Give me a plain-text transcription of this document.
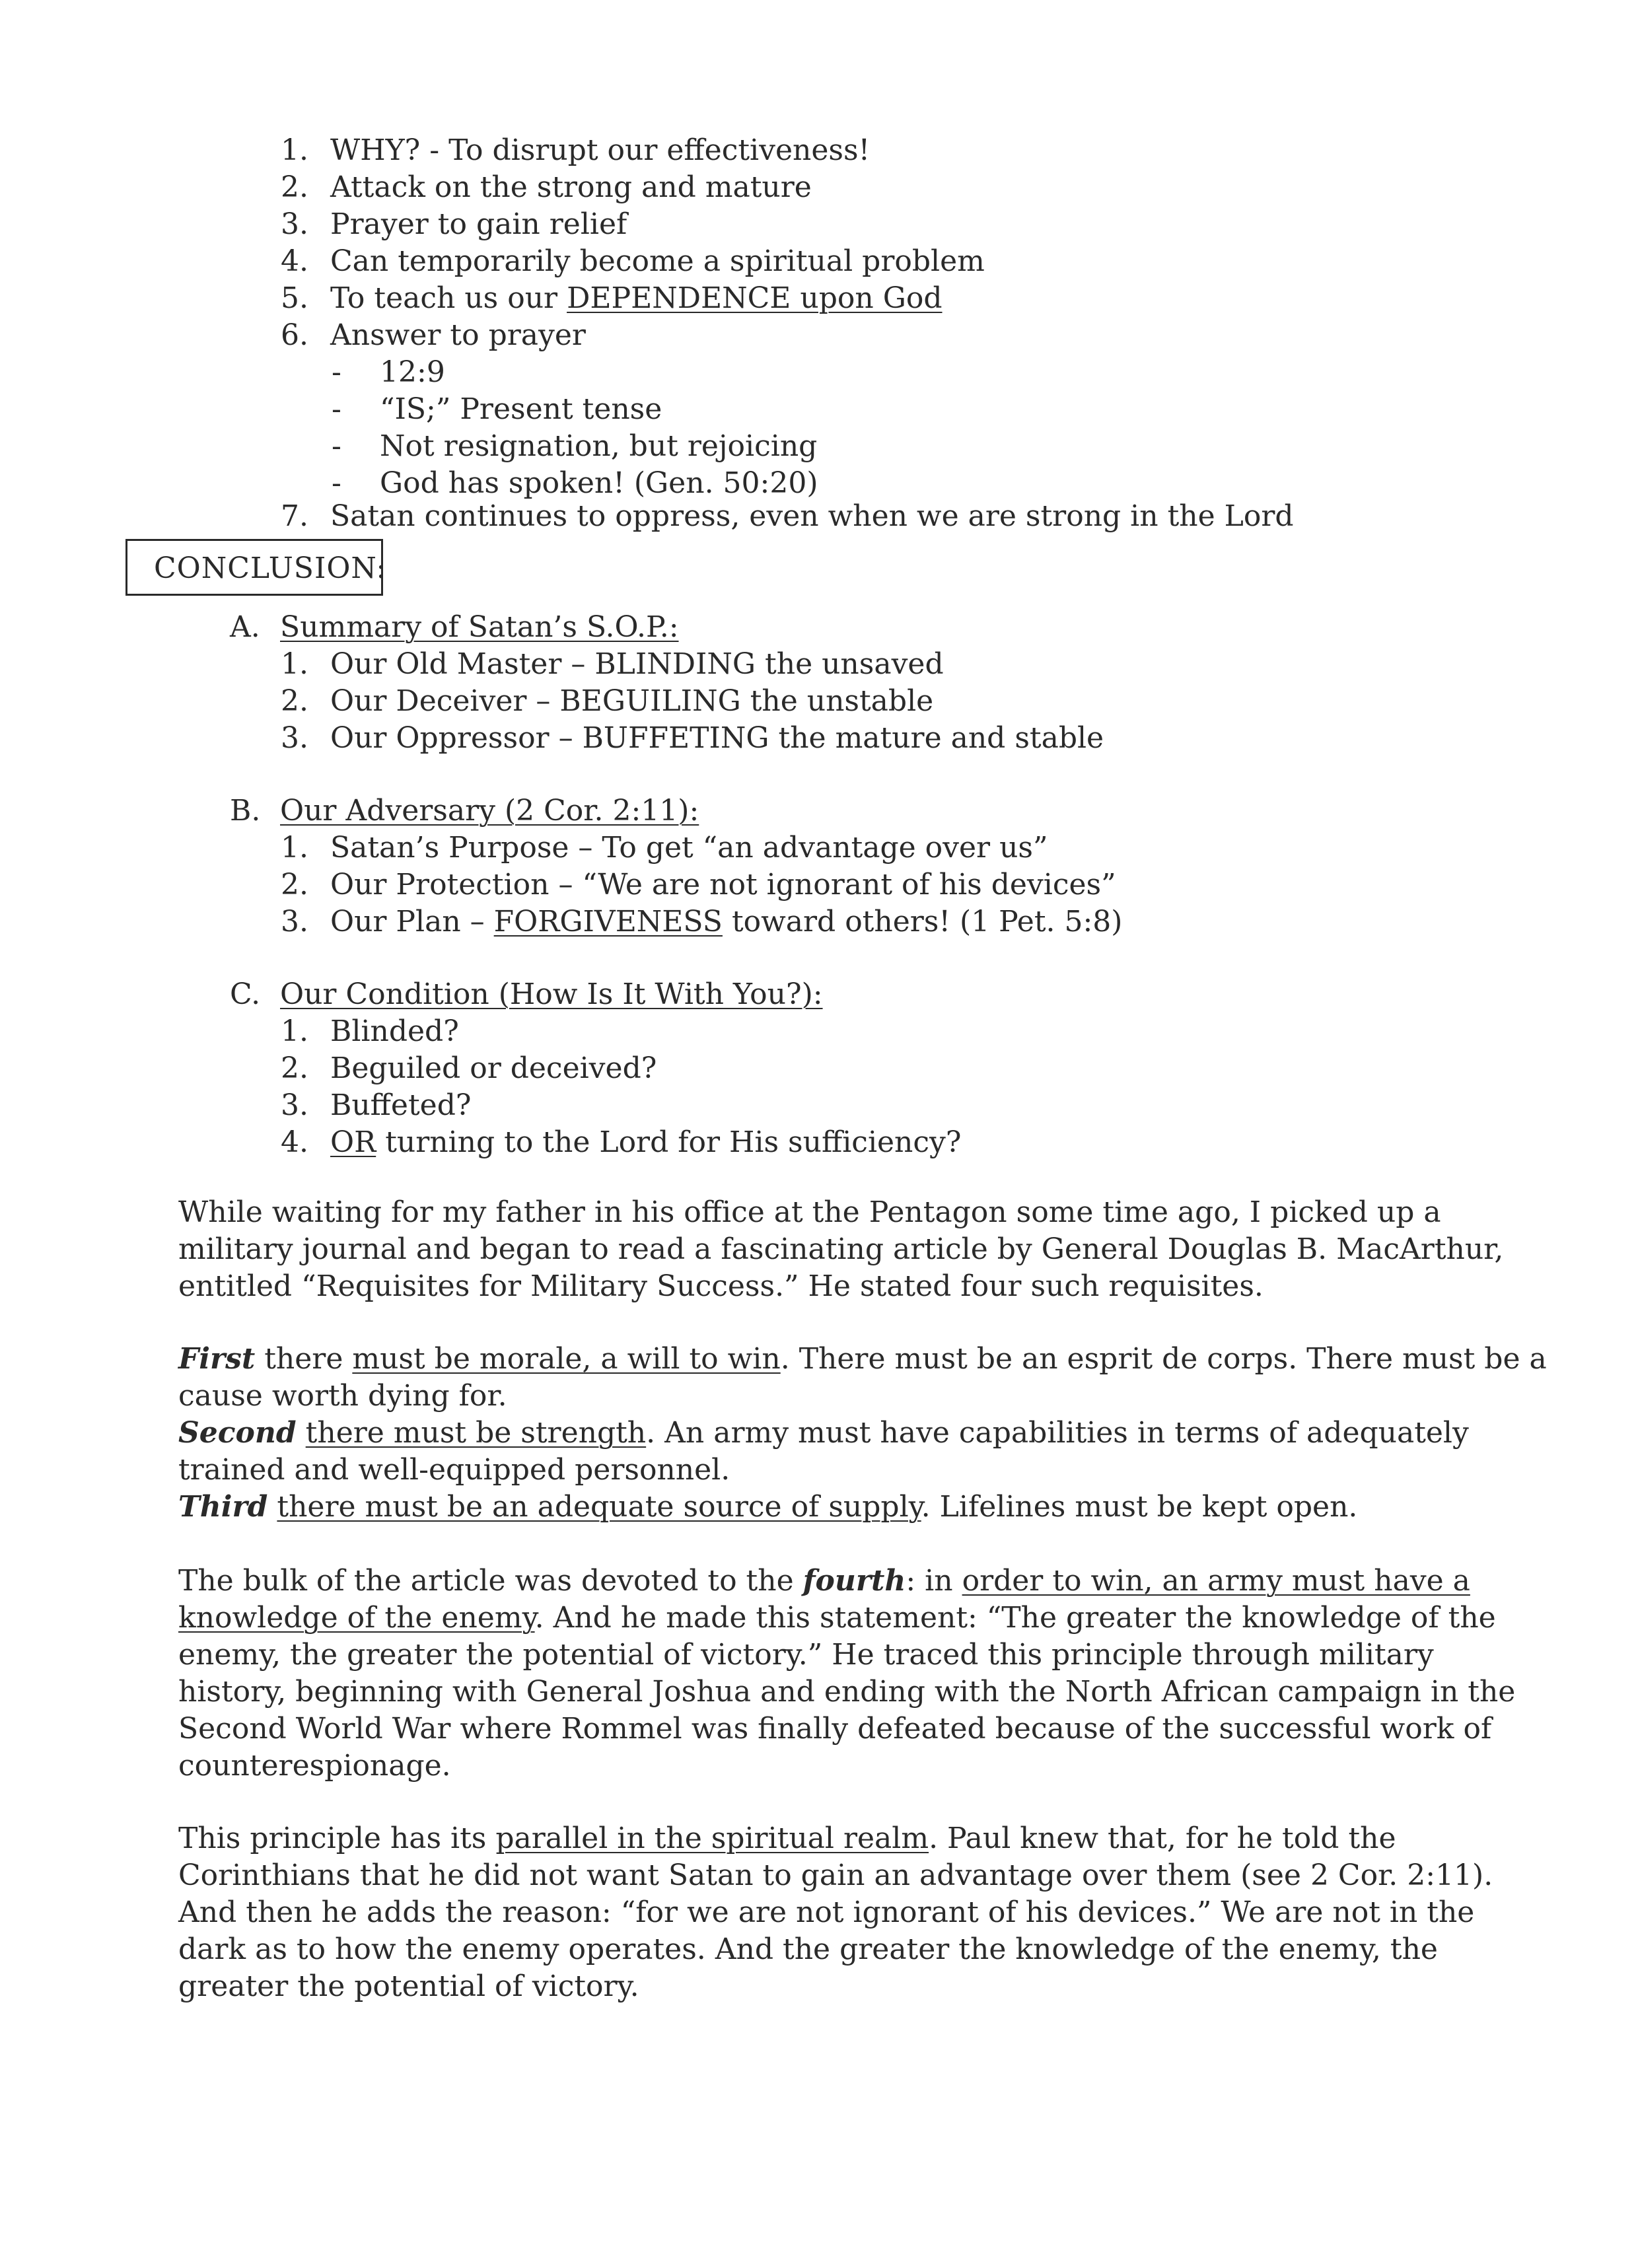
1. WHY? - To disrupt our effectiveness!
2. Attack on the strong and mature
3. Prayer to gain relief
4. Can temporarily become a spiritual problem
5. To teach us our DEPENDENCE upon God
6. Answer to prayer
- 12:9
- “IS;” Present tense
- Not resignation, but rejoicing
- God has spoken! (Gen. 50:20)
7. Satan continues to oppress, even when we are strong in the Lord
CONCLUSION:
A. Summary of Satan’s S.O.P.:
1. Our Old Master – BLINDING the unsaved
2. Our Deceiver – BEGUILING the unstable
3. Our Oppressor – BUFFETING the mature and stable
B. Our Adversary (2 Cor. 2:11):
1. Satan’s Purpose – To get “an advantage over us”
2. Our Protection – “We are not ignorant of his devices”
3. Our Plan – FORGIVENESS toward others! (1 Pet. 5:8)
C. Our Condition (How Is It With You?):
1. Blinded?
2. Beguiled or deceived?
3. Buffeted?
4. OR turning to the Lord for His sufficiency?
While waiting for my father in his office at the Pentagon some time ago, I picked up a
military journal and began to read a fascinating article by General Douglas B. MacArthur,
entitled “Requisites for Military Success.” He stated four such requisites.
First there must be morale, a will to win. There must be an esprit de corps. There must be a
cause worth dying for.
Second there must be strength. An army must have capabilities in terms of adequately
trained and well-equipped personnel.
Third there must be an adequate source of supply. Lifelines must be kept open.
The bulk of the article was devoted to the fourth: in order to win, an army must have a
knowledge of the enemy. And he made this statement: “The greater the knowledge of the
enemy, the greater the potential of victory.” He traced this principle through military
history, beginning with General Joshua and ending with the North African campaign in the
Second World War where Rommel was finally defeated because of the successful work of
counterespionage.
This principle has its parallel in the spiritual realm. Paul knew that, for he told the
Corinthians that he did not want Satan to gain an advantage over them (see 2 Cor. 2:11).
And then he adds the reason: “for we are not ignorant of his devices.” We are not in the
dark as to how the enemy operates. And the greater the knowledge of the enemy, the
greater the potential of victory.
